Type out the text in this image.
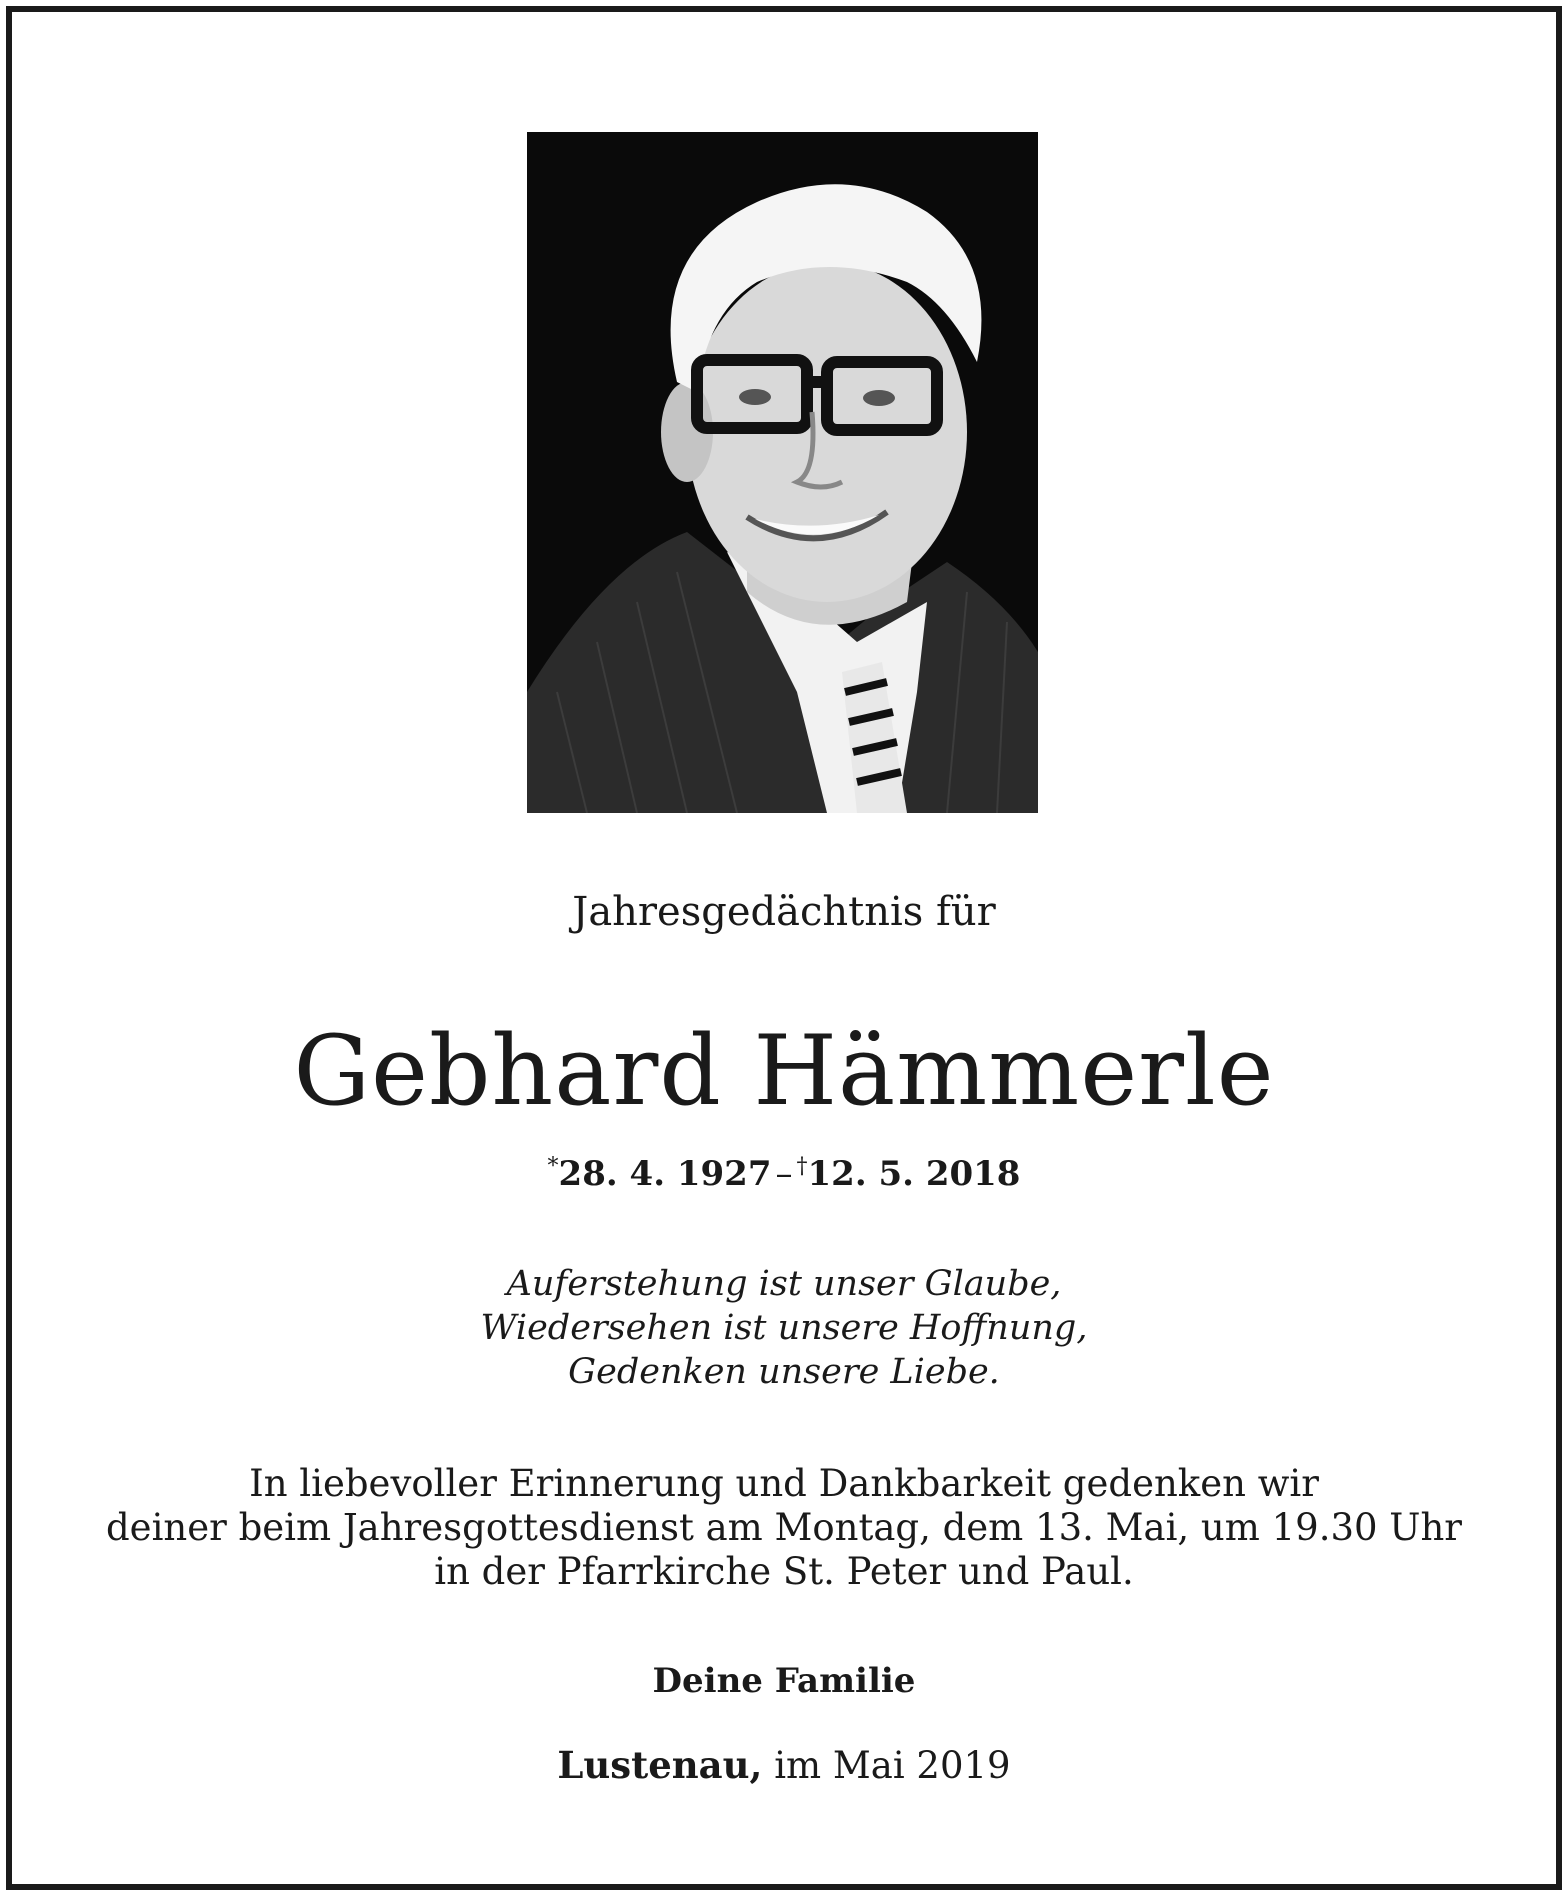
Jahresgedächtnis für
Gebhard Hämmerle
*28. 4. 1927 – †12. 5. 2018
Auferstehung ist unser Glaube,
Wiedersehen ist unsere Hoffnung,
Gedenken unsere Liebe.
In liebevoller Erinnerung und Dankbarkeit gedenken wir
deiner beim Jahresgottesdienst am Montag, dem 13. Mai, um 19.30 Uhr
in der Pfarrkirche St. Peter und Paul.
Deine Familie
Lustenau, im Mai 2019
